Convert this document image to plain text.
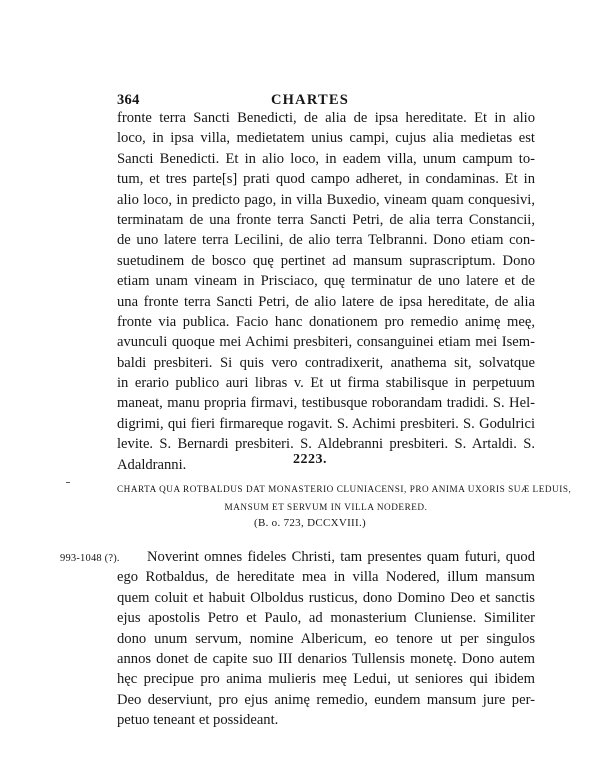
364	CHARTES
fronte terra Sancti Benedicti, de alia de ipsa hereditate. Et in alio
loco, in ipsa villa, medietatem unius campi, cujus alia medietas est
Sancti Benedicti. Et in alio loco, in eadem villa, unum campum to-
tum, et tres parte[s] prati quod campo adheret, in condaminas. Et in
alio loco, in predicto pago, in villa Buxedio, vineam quam conquesivi,
terminatam de una fronte terra Sancti Petri, de alia terra Constancii,
de uno latere terra Lecilini, de alio terra Telbranni. Dono etiam con-
suetudinem de bosco quę pertinet ad mansum suprascriptum. Dono
etiam unam vineam in Prisciaco, quę terminatur de uno latere et de
una fronte terra Sancti Petri, de alio latere de ipsa hereditate, de alia
fronte via publica. Facio hanc donationem pro remedio animę meę,
avunculi quoque mei Achimi presbiteri, consanguinei etiam mei Isem-
baldi presbiteri. Si quis vero contradixerit, anathema sit, solvatque
in erario publico auri libras v. Et ut firma stabilisque in perpetuum
maneat, manu propria firmavi, testibusque roborandam tradidi. S. Hel-
digrimi, qui fieri firmareque rogavit. S. Achimi presbiteri. S. Godulrici
levite. S. Bernardi presbiteri. S. Aldebranni presbiteri. S. Artaldi. S.
Adaldranni.	2223.
CHARTA QUA ROTBALDUS DAT MONASTERIO CLUNIACENSI, PRO ANIMA UXORIS SUÆ LEDUIS,
MANSUM ET SERVUM IN VILLA NODERED.
(B. o. 723, DCCXVIII.)
993-1048 (?).	Noverint omnes fideles Christi, tam presentes quam futuri, quod
ego Rotbaldus, de hereditate mea in villa Nodered, illum mansum
quem coluit et habuit Olboldus rusticus, dono Domino Deo et sanctis
ejus apostolis Petro et Paulo, ad monasterium Cluniense. Similiter
dono unum servum, nomine Albericum, eo tenore ut per singulos
annos donet de capite suo III denarios Tullensis monetę. Dono autem
hęc precipue pro anima mulieris meę Ledui, ut seniores qui ibidem
Deo deserviunt, pro ejus animę remedio, eundem mansum jure per-
petuo teneant et possideant.
